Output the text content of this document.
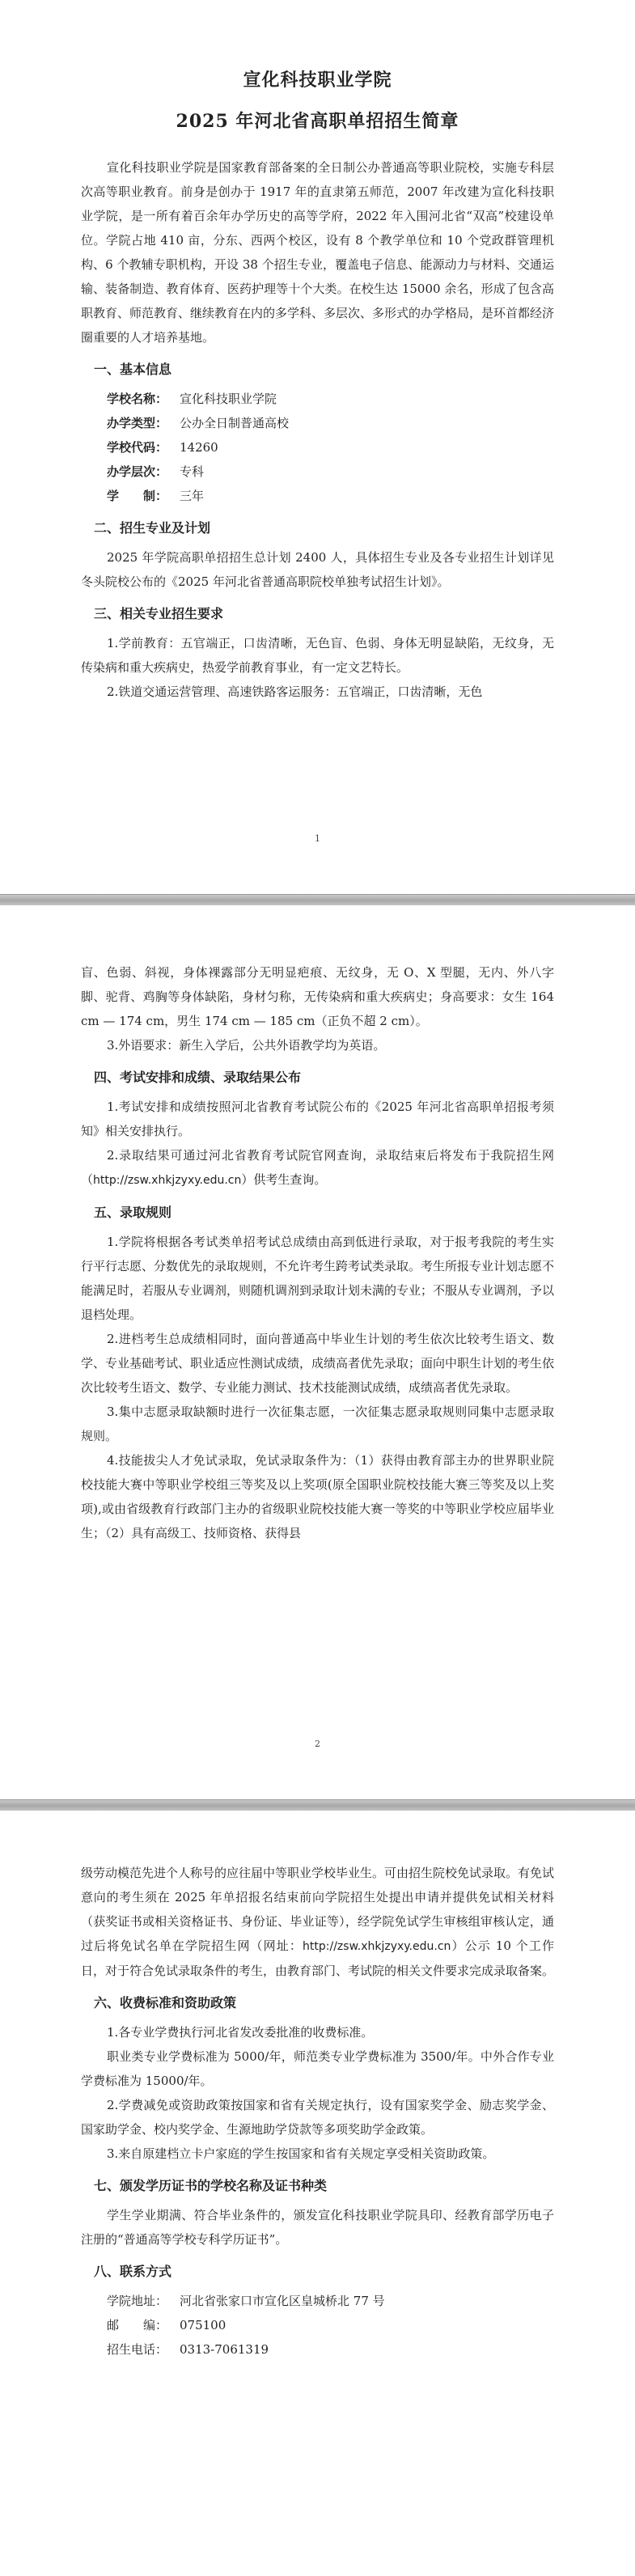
宣化科技职业学院
2025 年河北省高职单招招生简章

宣化科技职业学院是国家教育部备案的全日制公办普通高等职业院校，实施专科层次高等职业教育。前身是创办于 1917 年的直隶第五师范，2007 年改建为宣化科技职业学院，是一所有着百余年办学历史的高等学府，2022 年入围河北省“双高”校建设单位。学院占地 410 亩，分东、西两个校区，设有 8 个教学单位和 10 个党政群管理机构、6 个教辅专职机构，开设 38 个招生专业，覆盖电子信息、能源动力与材料、交通运输、装备制造、教育体育、医药护理等十个大类。在校生达 15000 余名，形成了包含高职教育、师范教育、继续教育在内的多学科、多层次、多形式的办学格局，是环首都经济圈重要的人才培养基地。

一、基本信息
学校名称： 宣化科技职业学院
办学类型： 公办全日制普通高校
学校代码： 14260
办学层次： 专科
学　　制： 三年
二、招生专业及计划

2025 年学院高职单招招生总计划 2400 人，具体招生专业及各专业招生计划详见冬头院校公布的《2025 年河北省普通高职院校单独考试招生计划》。

三、相关专业招生要求

1.学前教育：五官端正，口齿清晰，无色盲、色弱、身体无明显缺陷，无纹身，无传染病和重大疾病史，热爱学前教育事业，有一定文艺特长。

2.铁道交通运营管理、高速铁路客运服务：五官端正，口齿清晰，无色

1

盲、色弱、斜视，身体裸露部分无明显疤痕、无纹身，无 O、X 型腿，无内、外八字脚、驼背、鸡胸等身体缺陷，身材匀称，无传染病和重大疾病史；身高要求：女生 164 cm — 174 cm，男生 174 cm — 185 cm（正负不超 2 cm）。

3.外语要求：新生入学后，公共外语教学均为英语。

四、考试安排和成绩、录取结果公布

1.考试安排和成绩按照河北省教育考试院公布的《2025 年河北省高职单招报考须知》相关安排执行。

2.录取结果可通过河北省教育考试院官网查询，录取结束后将发布于我院招生网（http://zsw.xhkjzyxy.edu.cn）供考生查询。

五、录取规则

1.学院将根据各考试类单招考试总成绩由高到低进行录取，对于报考我院的考生实行平行志愿、分数优先的录取规则，不允许考生跨考试类录取。考生所报专业计划志愿不能满足时，若服从专业调剂，则随机调剂到录取计划未满的专业；不服从专业调剂，予以退档处理。

2.进档考生总成绩相同时，面向普通高中毕业生计划的考生依次比较考生语文、数学、专业基础考试、职业适应性测试成绩，成绩高者优先录取；面向中职生计划的考生依次比较考生语文、数学、专业能力测试、技术技能测试成绩，成绩高者优先录取。

3.集中志愿录取缺额时进行一次征集志愿，一次征集志愿录取规则同集中志愿录取规则。

4.技能拔尖人才免试录取，免试录取条件为：（1）获得由教育部主办的世界职业院校技能大赛中等职业学校组三等奖及以上奖项(原全国职业院校技能大赛三等奖及以上奖项),或由省级教育行政部门主办的省级职业院校技能大赛一等奖的中等职业学校应届毕业生；（2）具有高级工、技师资格、获得县

2

级劳动模范先进个人称号的应往届中等职业学校毕业生。可由招生院校免试录取。有免试意向的考生须在 2025 年单招报名结束前向学院招生处提出申请并提供免试相关材料（获奖证书或相关资格证书、身份证、毕业证等），经学院免试学生审核组审核认定，通过后将免试名单在学院招生网（网址：http://zsw.xhkjzyxy.edu.cn）公示 10 个工作日，对于符合免试录取条件的考生，由教育部门、考试院的相关文件要求完成录取备案。

六、收费标准和资助政策

1.各专业学费执行河北省发改委批准的收费标准。

职业类专业学费标准为 5000/年，师范类专业学费标准为 3500/年。中外合作专业学费标准为 15000/年。

2.学费减免或资助政策按国家和省有关规定执行，设有国家奖学金、励志奖学金、国家助学金、校内奖学金、生源地助学贷款等多项奖助学金政策。

3.来自原建档立卡户家庭的学生按国家和省有关规定享受相关资助政策。

七、颁发学历证书的学校名称及证书种类

学生学业期满、符合毕业条件的，颁发宣化科技职业学院具印、经教育部学历电子注册的“普通高等学校专科学历证书”。

八、联系方式
学院地址： 河北省张家口市宣化区皇城桥北 77 号
邮　　编： 075100
招生电话： 0313-7061319
